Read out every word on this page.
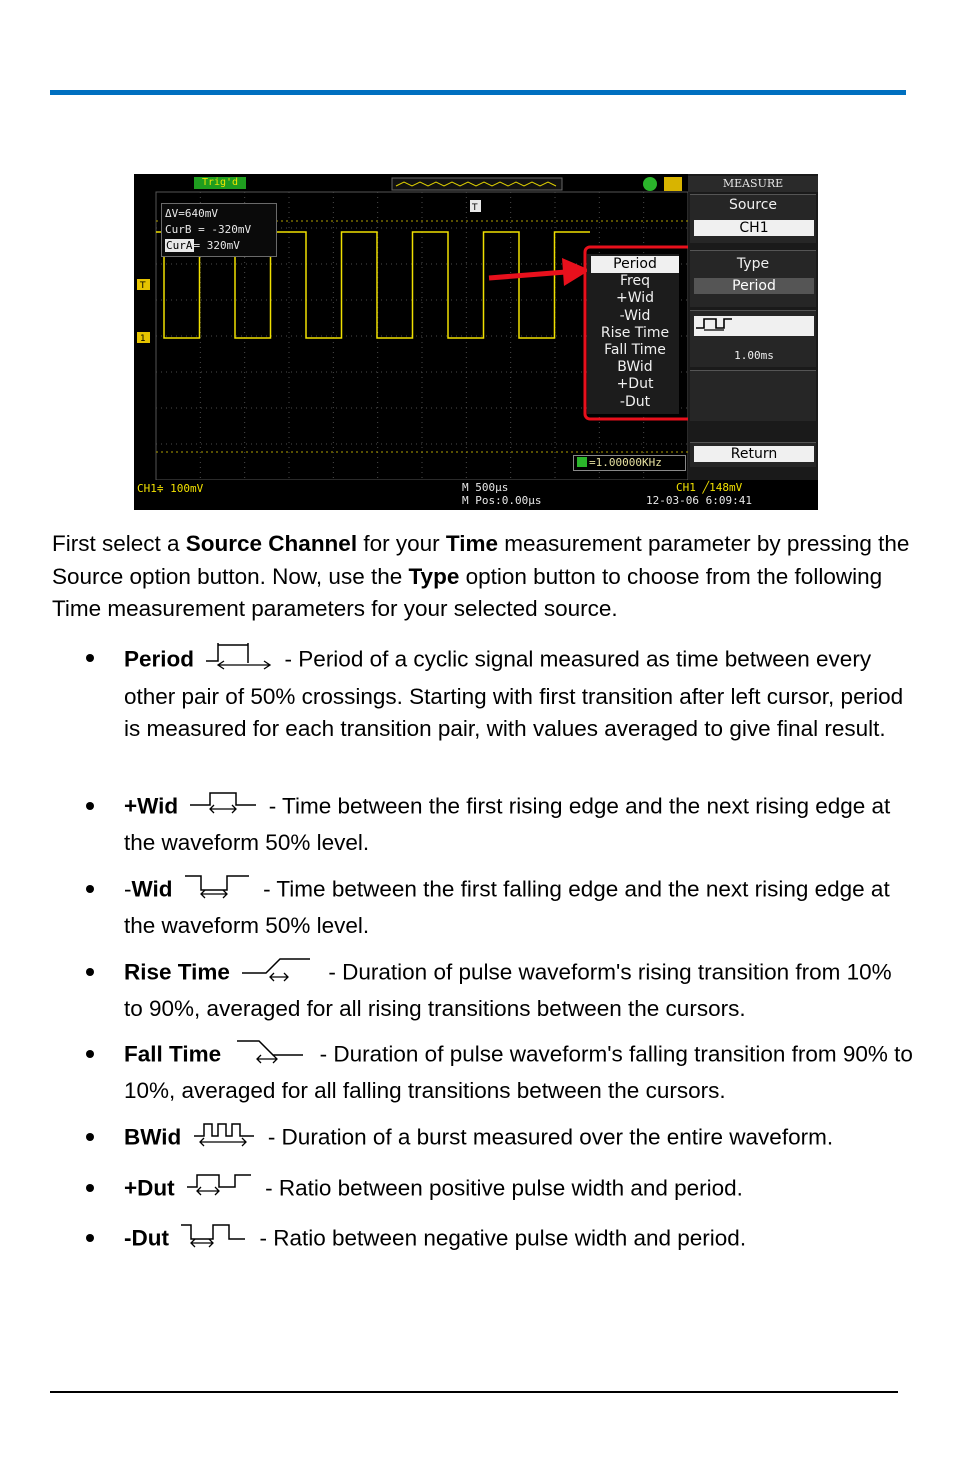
T
1
T
Trig'd
ΔV=640mV
CurB = -320mV
CurA= 320mV
Period
Freq
+Wid
-Wid
Rise Time
Fall Time
BWid
+Dut
-Dut
MEASURE
Source
CH1
Type
Period
1.00ms
Return
=1.00000KHz
CH1≑ 100mV	M 500μs
M Pos:0.00μs
CH1 ╱148mV
12-03-06 6:09:41
First select a Source Channel for your Time measurement parameter by pressing the Source option button. Now, use the Type option button to choose from the following Time measurement parameters for your selected source.
Period	- Period of a cyclic signal measured as time between every other pair of 50% crossings. Starting with first transition after left cursor, period is measured for each transition pair, with values averaged to give final result.
+Wid	- Time between the first rising edge and the next rising edge at the waveform 50% level.
-Wid	- Time between the first falling edge and the next rising edge at the waveform 50% level.
Rise Time	- Duration of pulse waveform's rising transition from 10% to 90%, averaged for all rising transitions between the cursors.
Fall Time	- Duration of pulse waveform's falling transition from 90% to 10%, averaged for all falling transitions between the cursors.
BWid	- Duration of a burst measured over the entire waveform.
+Dut	- Ratio between positive pulse width and period.
-Dut	- Ratio between negative pulse width and period.
